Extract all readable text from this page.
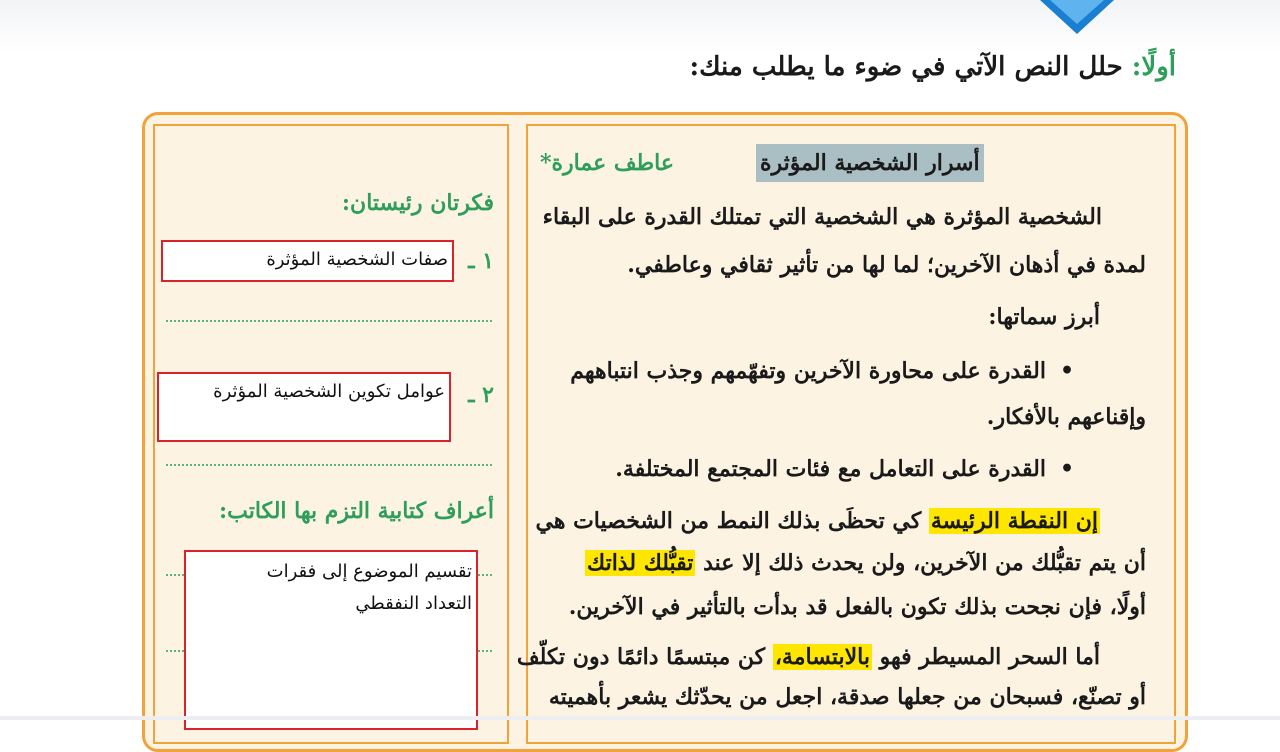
أولًا: حلل النص الآتي في ضوء ما يطلب منك:
أسرار الشخصية المؤثرة
عاطف عمارة*
الشخصية المؤثرة هي الشخصية التي تمتلك القدرة على البقاء
لمدة في أذهان الآخرين؛ لما لها من تأثير ثقافي وعاطفي.
أبرز سماتها:
• القدرة على محاورة الآخرين وتفهّمهم وجذب انتباههم
وإقناعهم بالأفكار.
• القدرة على التعامل مع فئات المجتمع المختلفة.
إن النقطة الرئيسة كي تحظَى بذلك النمط من الشخصيات هي
أن يتم تقبُّلك من الآخرين، ولن يحدث ذلك إلا عند تقبُّلك لذاتك
أولًا، فإن نجحت بذلك تكون بالفعل قد بدأت بالتأثير في الآخرين.
أما السحر المسيطر فهو بالابتسامة، كن مبتسمًا دائمًا دون تكلّف
أو تصنّع، فسبحان من جعلها صدقة، اجعل من يحدّثك يشعر بأهميته
فكرتان رئيستان:
١ ـ
صفات الشخصية المؤثرة
٢ ـ
عوامل تكوين الشخصية المؤثرة
أعراف كتابية التزم بها الكاتب:
تقسيم الموضوع إلى فقرات
التعداد النفقطي
